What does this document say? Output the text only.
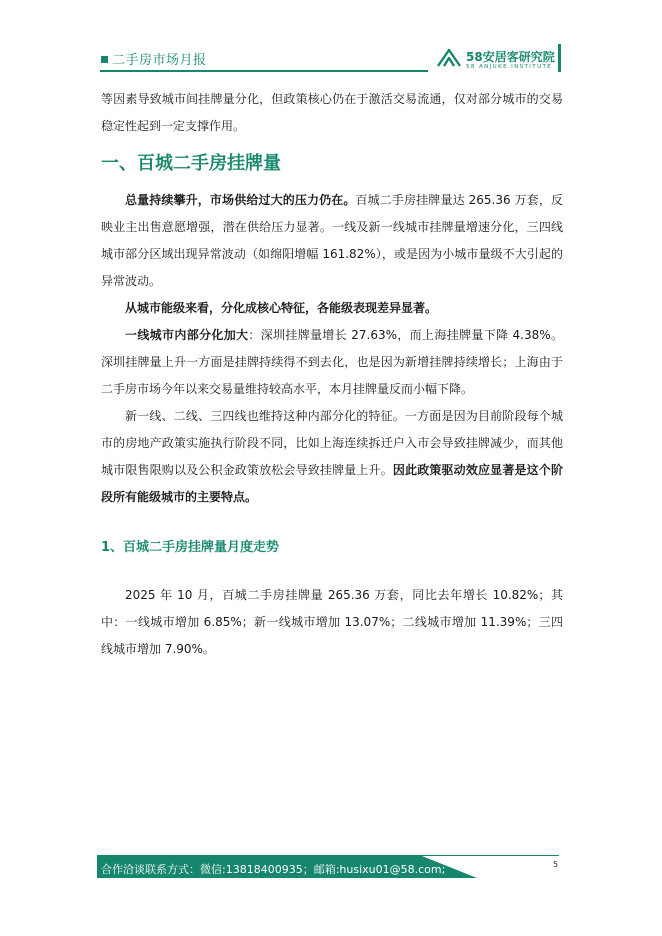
二手房市场月报	58安居客研究院
58 ANJUKE INSTITUTE

等因素导致城市间挂牌量分化，但政策核心仍在于激活交易流通，仅对部分城市的交易稳定性起到一定支撑作用。

一、百城二手房挂牌量

总量持续攀升，市场供给过大的压力仍在。百城二手房挂牌量达 265.36 万套，反映业主出售意愿增强，潜在供给压力显著。一线及新一线城市挂牌量增速分化，三四线城市部分区域出现异常波动（如绵阳增幅 161.82%），或是因为小城市量级不大引起的异常波动。

从城市能级来看，分化成核心特征，各能级表现差异显著。

一线城市内部分化加大：深圳挂牌量增长 27.63%，而上海挂牌量下降 4.38%。深圳挂牌量上升一方面是挂牌持续得不到去化，也是因为新增挂牌持续增长；上海由于二手房市场今年以来交易量维持较高水平，本月挂牌量反而小幅下降。

新一线、二线、三四线也维持这种内部分化的特征。一方面是因为目前阶段每个城市的房地产政策实施执行阶段不同，比如上海连续拆迁户入市会导致挂牌减少，而其他城市限售限购以及公积金政策放松会导致挂牌量上升。因此政策驱动效应显著是这个阶段所有能级城市的主要特点。

1、百城二手房挂牌量月度走势

2025 年 10 月，百城二手房挂牌量 265.36 万套，同比去年增长 10.82%；其中：一线城市增加 6.85%；新一线城市增加 13.07%；二线城市增加 11.39%；三四线城市增加 7.90%。

合作洽谈联系方式：微信:13818400935；邮箱:husixu01@58.com;	5
